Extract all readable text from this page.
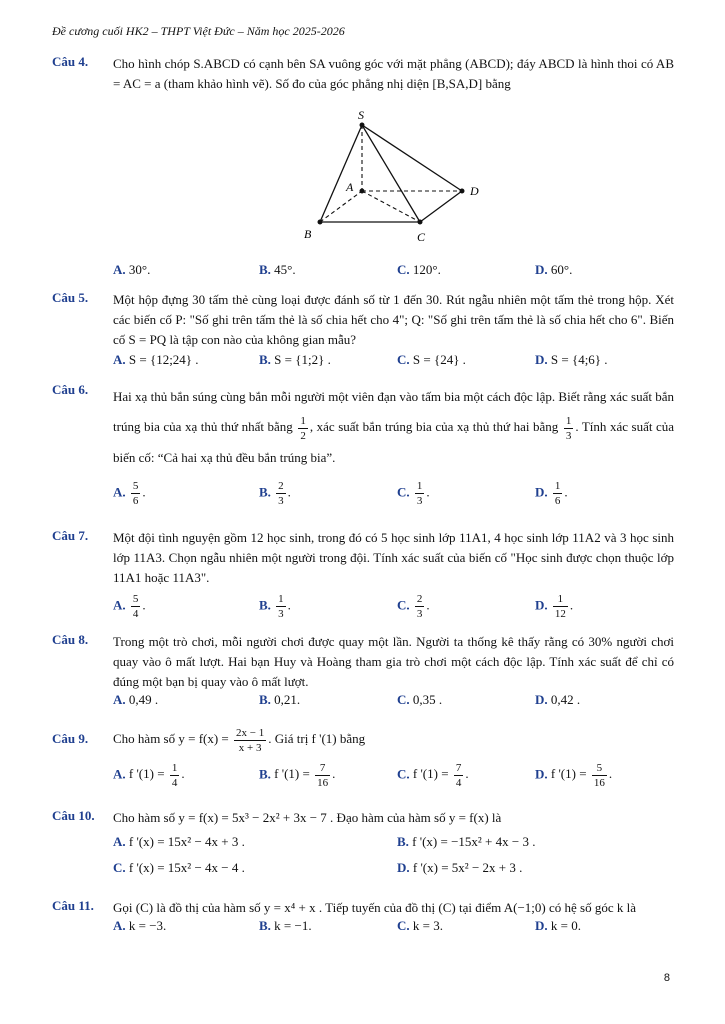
Đề cương cuối HK2 – THPT Việt Đức – Năm học 2025-2026
Câu 4. Cho hình chóp S.ABCD có cạnh bên SA vuông góc với mặt phẳng (ABCD); đáy ABCD là hình thoi có AB = AC = a (tham khảo hình vẽ). Số đo của góc phẳng nhị diện [B,SA,D] bằng
S
A
B	C
D
A. 30°.	B. 45°.	C. 120°.	D. 60°.
Câu 5. Một hộp đựng 30 tấm thẻ cùng loại được đánh số từ 1 đến 30. Rút ngẫu nhiên một tấm thẻ trong hộp. Xét các biến cố P: "Số ghi trên tấm thẻ là số chia hết cho 4"; Q: "Số ghi trên tấm thẻ là số chia hết cho 6". Biến cố S = PQ là tập con nào của không gian mẫu?
A. S = {12;24} .	B. S = {1;2} .	C. S = {24} .	D. S = {4;6} .
Câu 6. Hai xạ thủ bắn súng cùng bắn mỗi người một viên đạn vào tấm bia một cách độc lập. Biết rằng xác suất bắn trúng bia của xạ thủ thứ nhất bằng $\frac{1}{2}$ , xác suất bắn trúng bia của xạ thủ thứ hai bằng $\frac{1}{3}$ . Tính xác suất của biến cố: “Cả hai xạ thủ đều bắn trúng bia”.
A. $\frac{5}{6}$ .	B. $\frac{2}{3}$ .	C. $\frac{1}{3}$ .	D. $\frac{1}{6}$ .
Câu 7. Một đội tình nguyện gồm 12 học sinh, trong đó có 5 học sinh lớp 11A1, 4 học sinh lớp 11A2 và 3 học sinh lớp 11A3. Chọn ngẫu nhiên một người trong đội. Tính xác suất của biến cố "Học sinh được chọn thuộc lớp 11A1 hoặc 11A3".
A. $\frac{5}{4}$ .	B. $\frac{1}{3}$ .	C. $\frac{2}{3}$ .	D. $\frac{1}{12}$ .
Câu 8. Trong một trò chơi, mỗi người chơi được quay một lần. Người ta thống kê thấy rằng có 30% người chơi quay vào ô mất lượt. Hai bạn Huy và Hoàng tham gia trò chơi một cách độc lập. Tính xác suất để chỉ có đúng một bạn bị quay vào ô mất lượt.
A. 0,49 .	B. 0,21.	C. 0,35 .	D. 0,42 .
Câu 9. Cho hàm số $y = f(x) = \frac{2x - 1}{x + 3}$ . Giá trị f '(1) bằng
A. f '$(1) = \frac{1}{4}$ .	B. f '$(1) = \frac{7}{16}$ .	C. f '$(1) = \frac{7}{4}$ .	D. f '$(1) = \frac{5}{16}$ .
Câu 10. Cho hàm số y = f(x) = 5x³ − 2x² + 3x − 7 . Đạo hàm của hàm số y = f(x) là
A. f '(x) = 15x² − 4x + 3 .	B. f '(x) = −15x² + 4x − 3 .
C. f '(x) = 15x² − 4x − 4 .	D. f '(x) = 5x² − 2x + 3 .
Câu 11. Gọi (C) là đồ thị của hàm số y = x⁴ + x . Tiếp tuyến của đồ thị (C) tại điểm A(−1;0) có hệ số góc k là
A. k = −3.	B. k = −1.	C. k = 3.	D. k = 0.
8
